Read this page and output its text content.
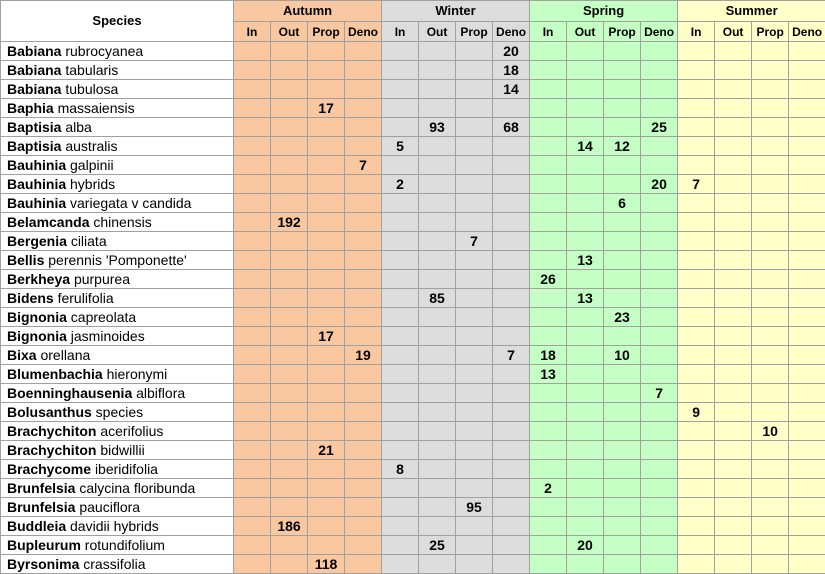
Species	Autumn				Winter				Spring				Summer			
	In	Out	Prop	Deno	In	Out	Prop	Deno	In	Out	Prop	Deno	In	Out	Prop	Deno
Babiana rubrocyanea								20								
Babiana tabularis								18								
Babiana tubulosa								14								
Baphia massaiensis			17													
Baptisia alba						93		68				25				
Baptisia australis					5					14	12					
Bauhinia galpinii				7												
Bauhinia hybrids					2							20	7			
Bauhinia variegata v candida											6					
Belamcanda chinensis		192														
Bergenia ciliata							7									
Bellis perennis 'Pomponette'										13						
Berkheya purpurea									26							
Bidens ferulifolia						85				13						
Bignonia capreolata											23					
Bignonia jasminoides			17													
Bixa orellana				19				7	18		10					
Blumenbachia hieronymi									13							
Boenninghausenia albiflora												7				
Bolusanthus species													9			
Brachychiton acerifolius															10	
Brachychiton bidwillii			21													
Brachycome iberidifolia					8											
Brunfelsia calycina floribunda									2							
Brunfelsia pauciflora							95									
Buddleia davidii hybrids		186														
Bupleurum rotundifolium						25				20						
Byrsonima crassifolia			118													
